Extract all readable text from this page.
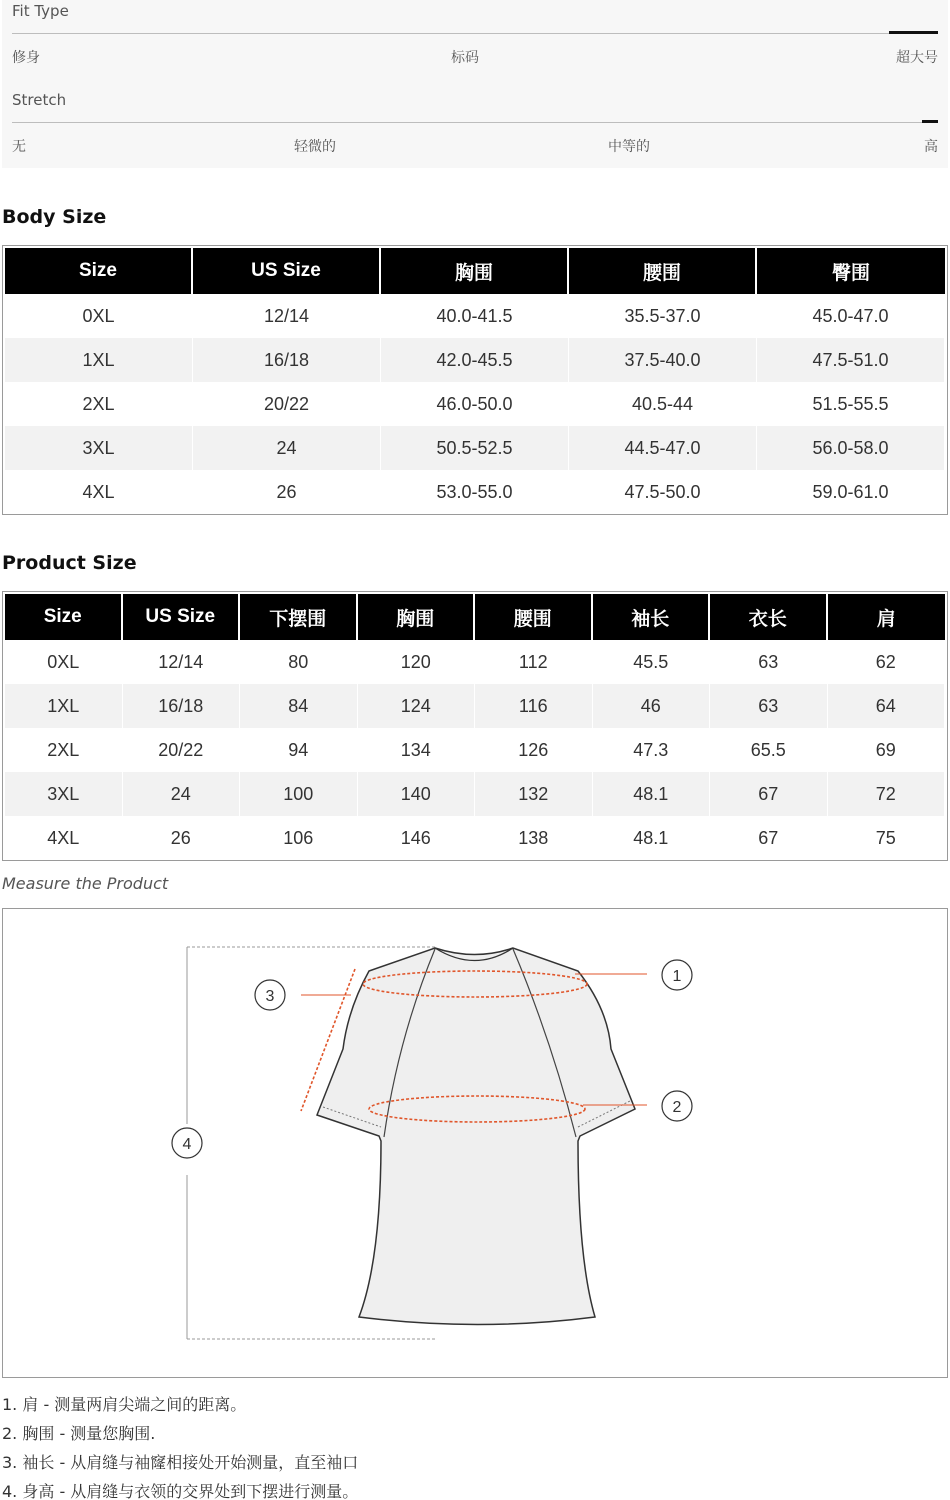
Fit Type
修身	标码	超大号
Stretch
无	轻微的	中等的	高
Body Size
Size	US Size	胸围	腰围	臀围
0XL	12/14	40.0-41.5	35.5-37.0	45.0-47.0
1XL	16/18	42.0-45.5	37.5-40.0	47.5-51.0
2XL	20/22	46.0-50.0	40.5-44	51.5-55.5
3XL	24	50.5-52.5	44.5-47.0	56.0-58.0
4XL	26	53.0-55.0	47.5-50.0	59.0-61.0
Product Size
Size	US Size	下摆围	胸围	腰围	袖长	衣长	肩
0XL	12/14	80	120	112	45.5	63	62
1XL	16/18	84	124	116	46	63	64
2XL	20/22	94	134	126	47.3	65.5	69
3XL	24	100	140	132	48.1	67	72
4XL	26	106	146	138	48.1	67	75
Measure the Product
1
2
3
4
1. 肩 - 测量两肩尖端之间的距离。
2. 胸围 - 测量您胸围.
3. 袖长 - 从肩缝与袖窿相接处开始测量，直至袖口
4. 身高 - 从肩缝与衣领的交界处到下摆进行测量。
